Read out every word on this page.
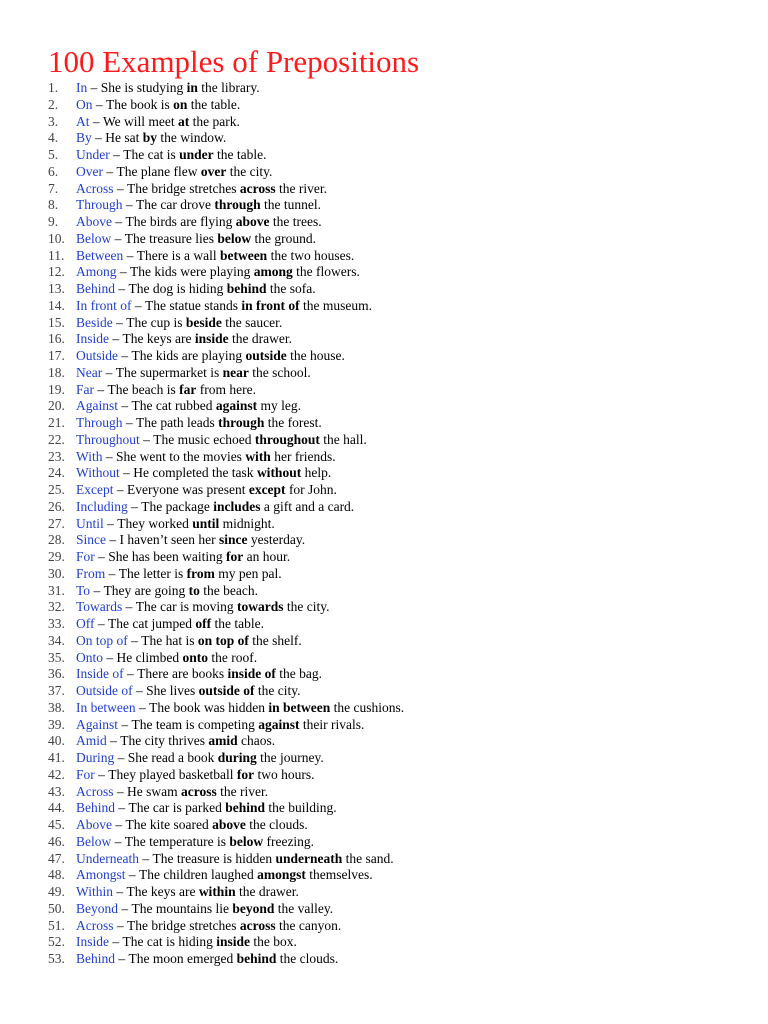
100 Examples of Prepositions
1.	In – She is studying in the library.
2.	On – The book is on the table.
3.	At – We will meet at the park.
4.	By – He sat by the window.
5.	Under – The cat is under the table.
6.	Over – The plane flew over the city.
7.	Across – The bridge stretches across the river.
8.	Through – The car drove through the tunnel.
9.	Above – The birds are flying above the trees.
10. Below – The treasure lies below the ground.
11. Between – There is a wall between the two houses.
12. Among – The kids were playing among the flowers.
13. Behind – The dog is hiding behind the sofa.
14. In front of – The statue stands in front of the museum.
15. Beside – The cup is beside the saucer.
16. Inside – The keys are inside the drawer.
17. Outside – The kids are playing outside the house.
18. Near – The supermarket is near the school.
19. Far – The beach is far from here.
20. Against – The cat rubbed against my leg.
21. Through – The path leads through the forest.
22. Throughout – The music echoed throughout the hall.
23. With – She went to the movies with her friends.
24. Without – He completed the task without help.
25. Except – Everyone was present except for John.
26. Including – The package includes a gift and a card.
27. Until – They worked until midnight.
28. Since – I haven’t seen her since yesterday.
29. For – She has been waiting for an hour.
30. From – The letter is from my pen pal.
31. To – They are going to the beach.
32. Towards – The car is moving towards the city.
33. Off – The cat jumped off the table.
34. On top of – The hat is on top of the shelf.
35. Onto – He climbed onto the roof.
36. Inside of – There are books inside of the bag.
37. Outside of – She lives outside of the city.
38. In between – The book was hidden in between the cushions.
39. Against – The team is competing against their rivals.
40. Amid – The city thrives amid chaos.
41. During – She read a book during the journey.
42. For – They played basketball for two hours.
43. Across – He swam across the river.
44. Behind – The car is parked behind the building.
45. Above – The kite soared above the clouds.
46. Below – The temperature is below freezing.
47. Underneath – The treasure is hidden underneath the sand.
48. Amongst – The children laughed amongst themselves.
49. Within – The keys are within the drawer.
50. Beyond – The mountains lie beyond the valley.
51. Across – The bridge stretches across the canyon.
52. Inside – The cat is hiding inside the box.
53. Behind – The moon emerged behind the clouds.
